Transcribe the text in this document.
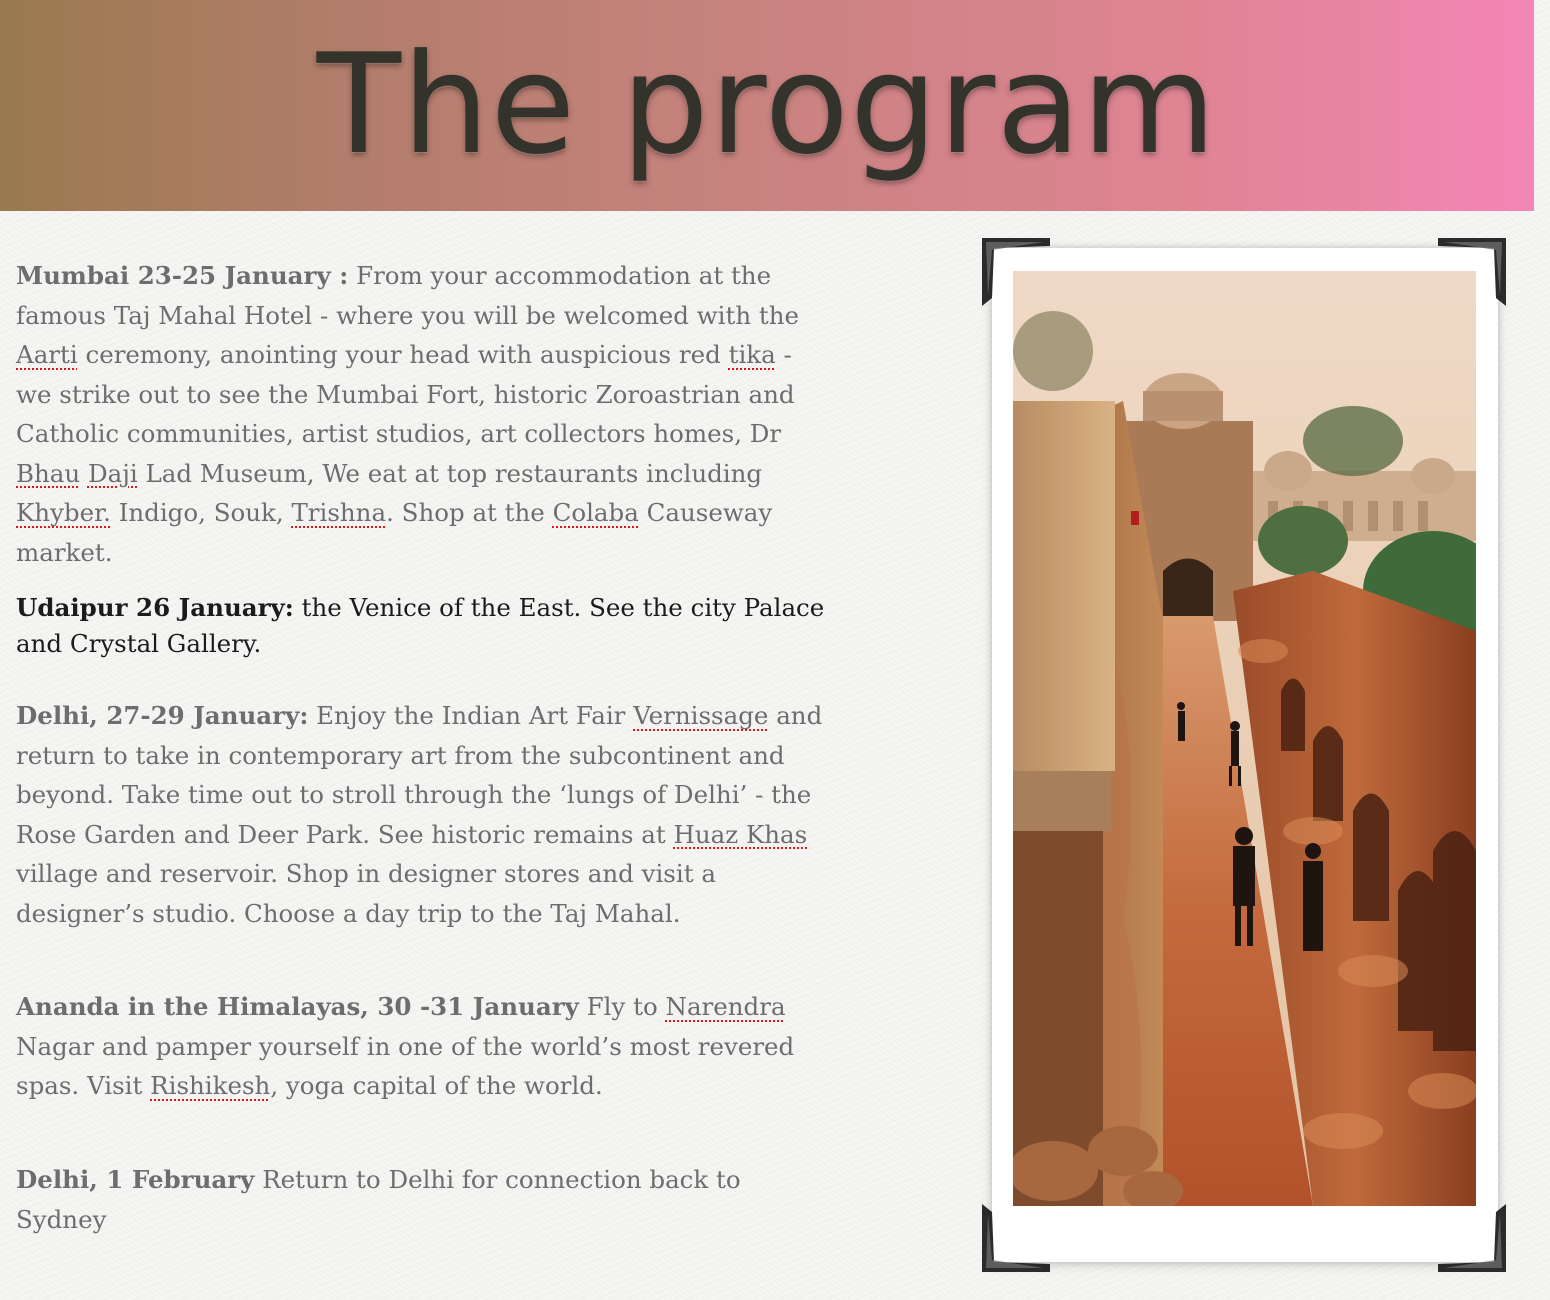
The program

Mumbai 23-25 January : From your accommodation at the famous Taj Mahal Hotel - where you will be welcomed with the Aarti ceremony, anointing your head with auspicious red tika - we strike out to see the Mumbai Fort, historic Zoroastrian and Catholic communities, artist studios, art collectors homes, Dr Bhau Daji Lad Museum, We eat at top restaurants including Khyber. Indigo, Souk, Trishna. Shop at the Colaba Causeway market.

Udaipur 26 January: the Venice of the East. See the city Palace and Crystal Gallery.

Delhi, 27-29 January: Enjoy the Indian Art Fair Vernissage and return to take in contemporary art from the subcontinent and beyond. Take time out to stroll through the ‘lungs of Delhi’ - the Rose Garden and Deer Park. See historic remains at Huaz Khas village and reservoir. Shop in designer stores and visit a designer’s studio. Choose a day trip to the Taj Mahal.

Ananda in the Himalayas, 30 -31 January Fly to Narendra Nagar and pamper yourself in one of the world’s most revered spas. Visit Rishikesh, yoga capital of the world.

Delhi, 1 February Return to Delhi for connection back to Sydney
